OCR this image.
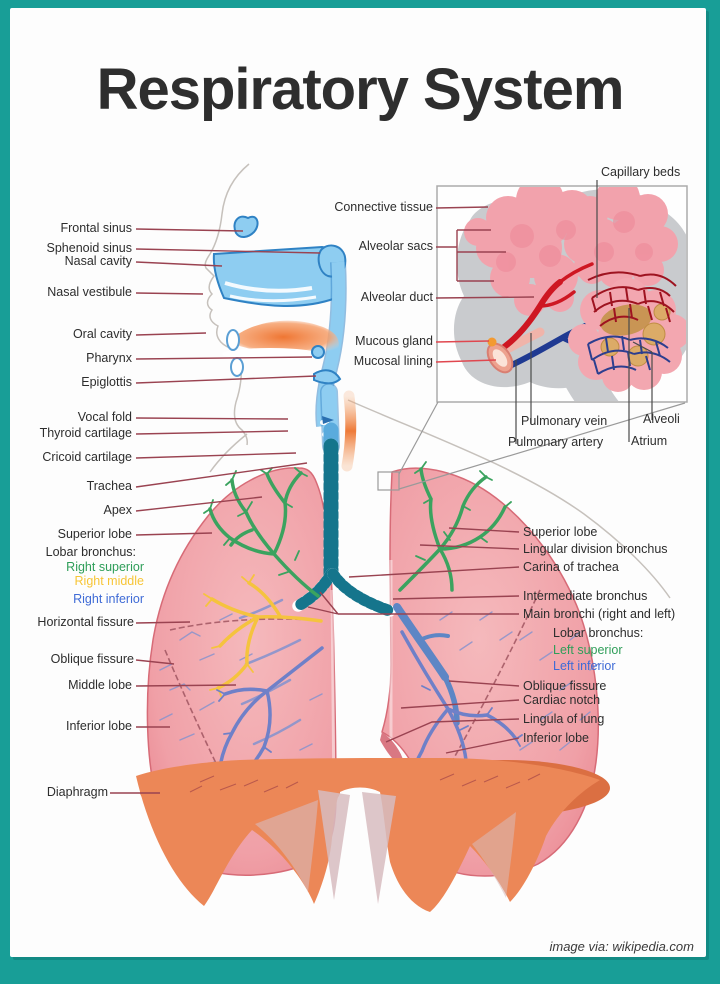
Respiratory System
Frontal sinus
Sphenoid sinus
Nasal cavity
Nasal vestibule
Oral cavity
Pharynx
Epiglottis
Vocal fold
Thyroid cartilage
Cricoid cartilage
Trachea
Apex
Superior lobe
Lobar bronchus:
Right superior
Right middle
Right inferior
Horizontal fissure
Oblique fissure
Middle lobe
Inferior lobe
Diaphragm
Connective tissue
Alveolar sacs
Alveolar duct
Mucous gland
Mucosal lining
Capillary beds
Pulmonary vein
Pulmonary artery
Alveoli
Atrium
Superior lobe
Lingular division bronchus
Carina of trachea
Intermediate bronchus
Main bronchi (right and left)
Lobar bronchus:
Left superior
Left inferior
Oblique fissure
Cardiac notch
Lingula of lung
Inferior lobe
image via: wikipedia.com
